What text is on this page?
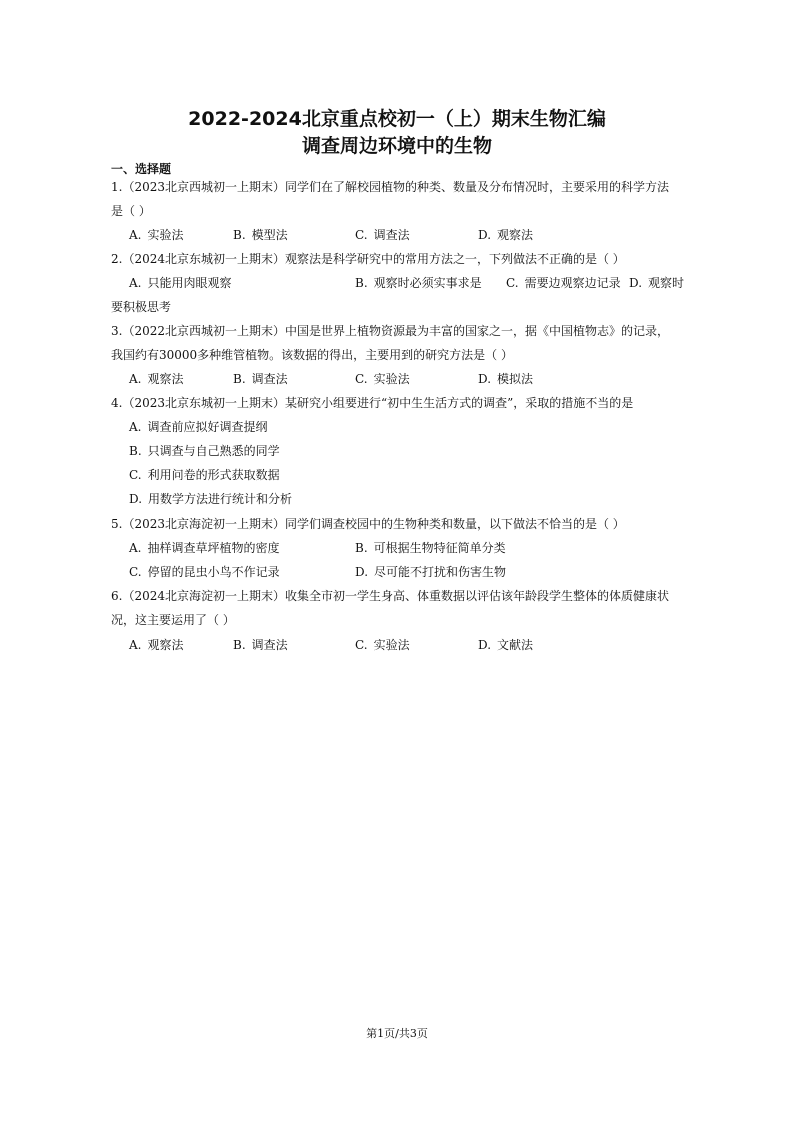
2022-2024北京重点校初一（上）期末生物汇编
调查周边环境中的生物
一、选择题
1.（2023北京西城初一上期末）同学们在了解校园植物的种类、数量及分布情况时，主要采用的科学方法
是（ ）
A. 实验法	B. 模型法	C. 调查法	D. 观察法
2.（2024北京东城初一上期末）观察法是科学研究中的常用方法之一，下列做法不正确的是（ ）
A. 只能用肉眼观察	B. 观察时必须实事求是 C. 需要边观察边记录 D. 观察时
要积极思考
3.（2022北京西城初一上期末）中国是世界上植物资源最为丰富的国家之一，据《中国植物志》的记录，
我国约有30000多种维管植物。该数据的得出，主要用到的研究方法是（ ）
A. 观察法	B. 调查法	C. 实验法	D. 模拟法
4.（2023北京东城初一上期末）某研究小组要进行“初中生生活方式的调查”，采取的措施不当的是
A. 调查前应拟好调查提纲
B. 只调查与自己熟悉的同学
C. 利用问卷的形式获取数据
D. 用数学方法进行统计和分析
5.（2023北京海淀初一上期末）同学们调查校园中的生物种类和数量，以下做法不恰当的是（ ）
A. 抽样调查草坪植物的密度	B. 可根据生物特征简单分类
C. 停留的昆虫小鸟不作记录	D. 尽可能不打扰和伤害生物
6.（2024北京海淀初一上期末）收集全市初一学生身高、体重数据以评估该年龄段学生整体的体质健康状
况，这主要运用了（ ）
A. 观察法	B. 调查法	C. 实验法	D. 文献法
第1页/共3页
